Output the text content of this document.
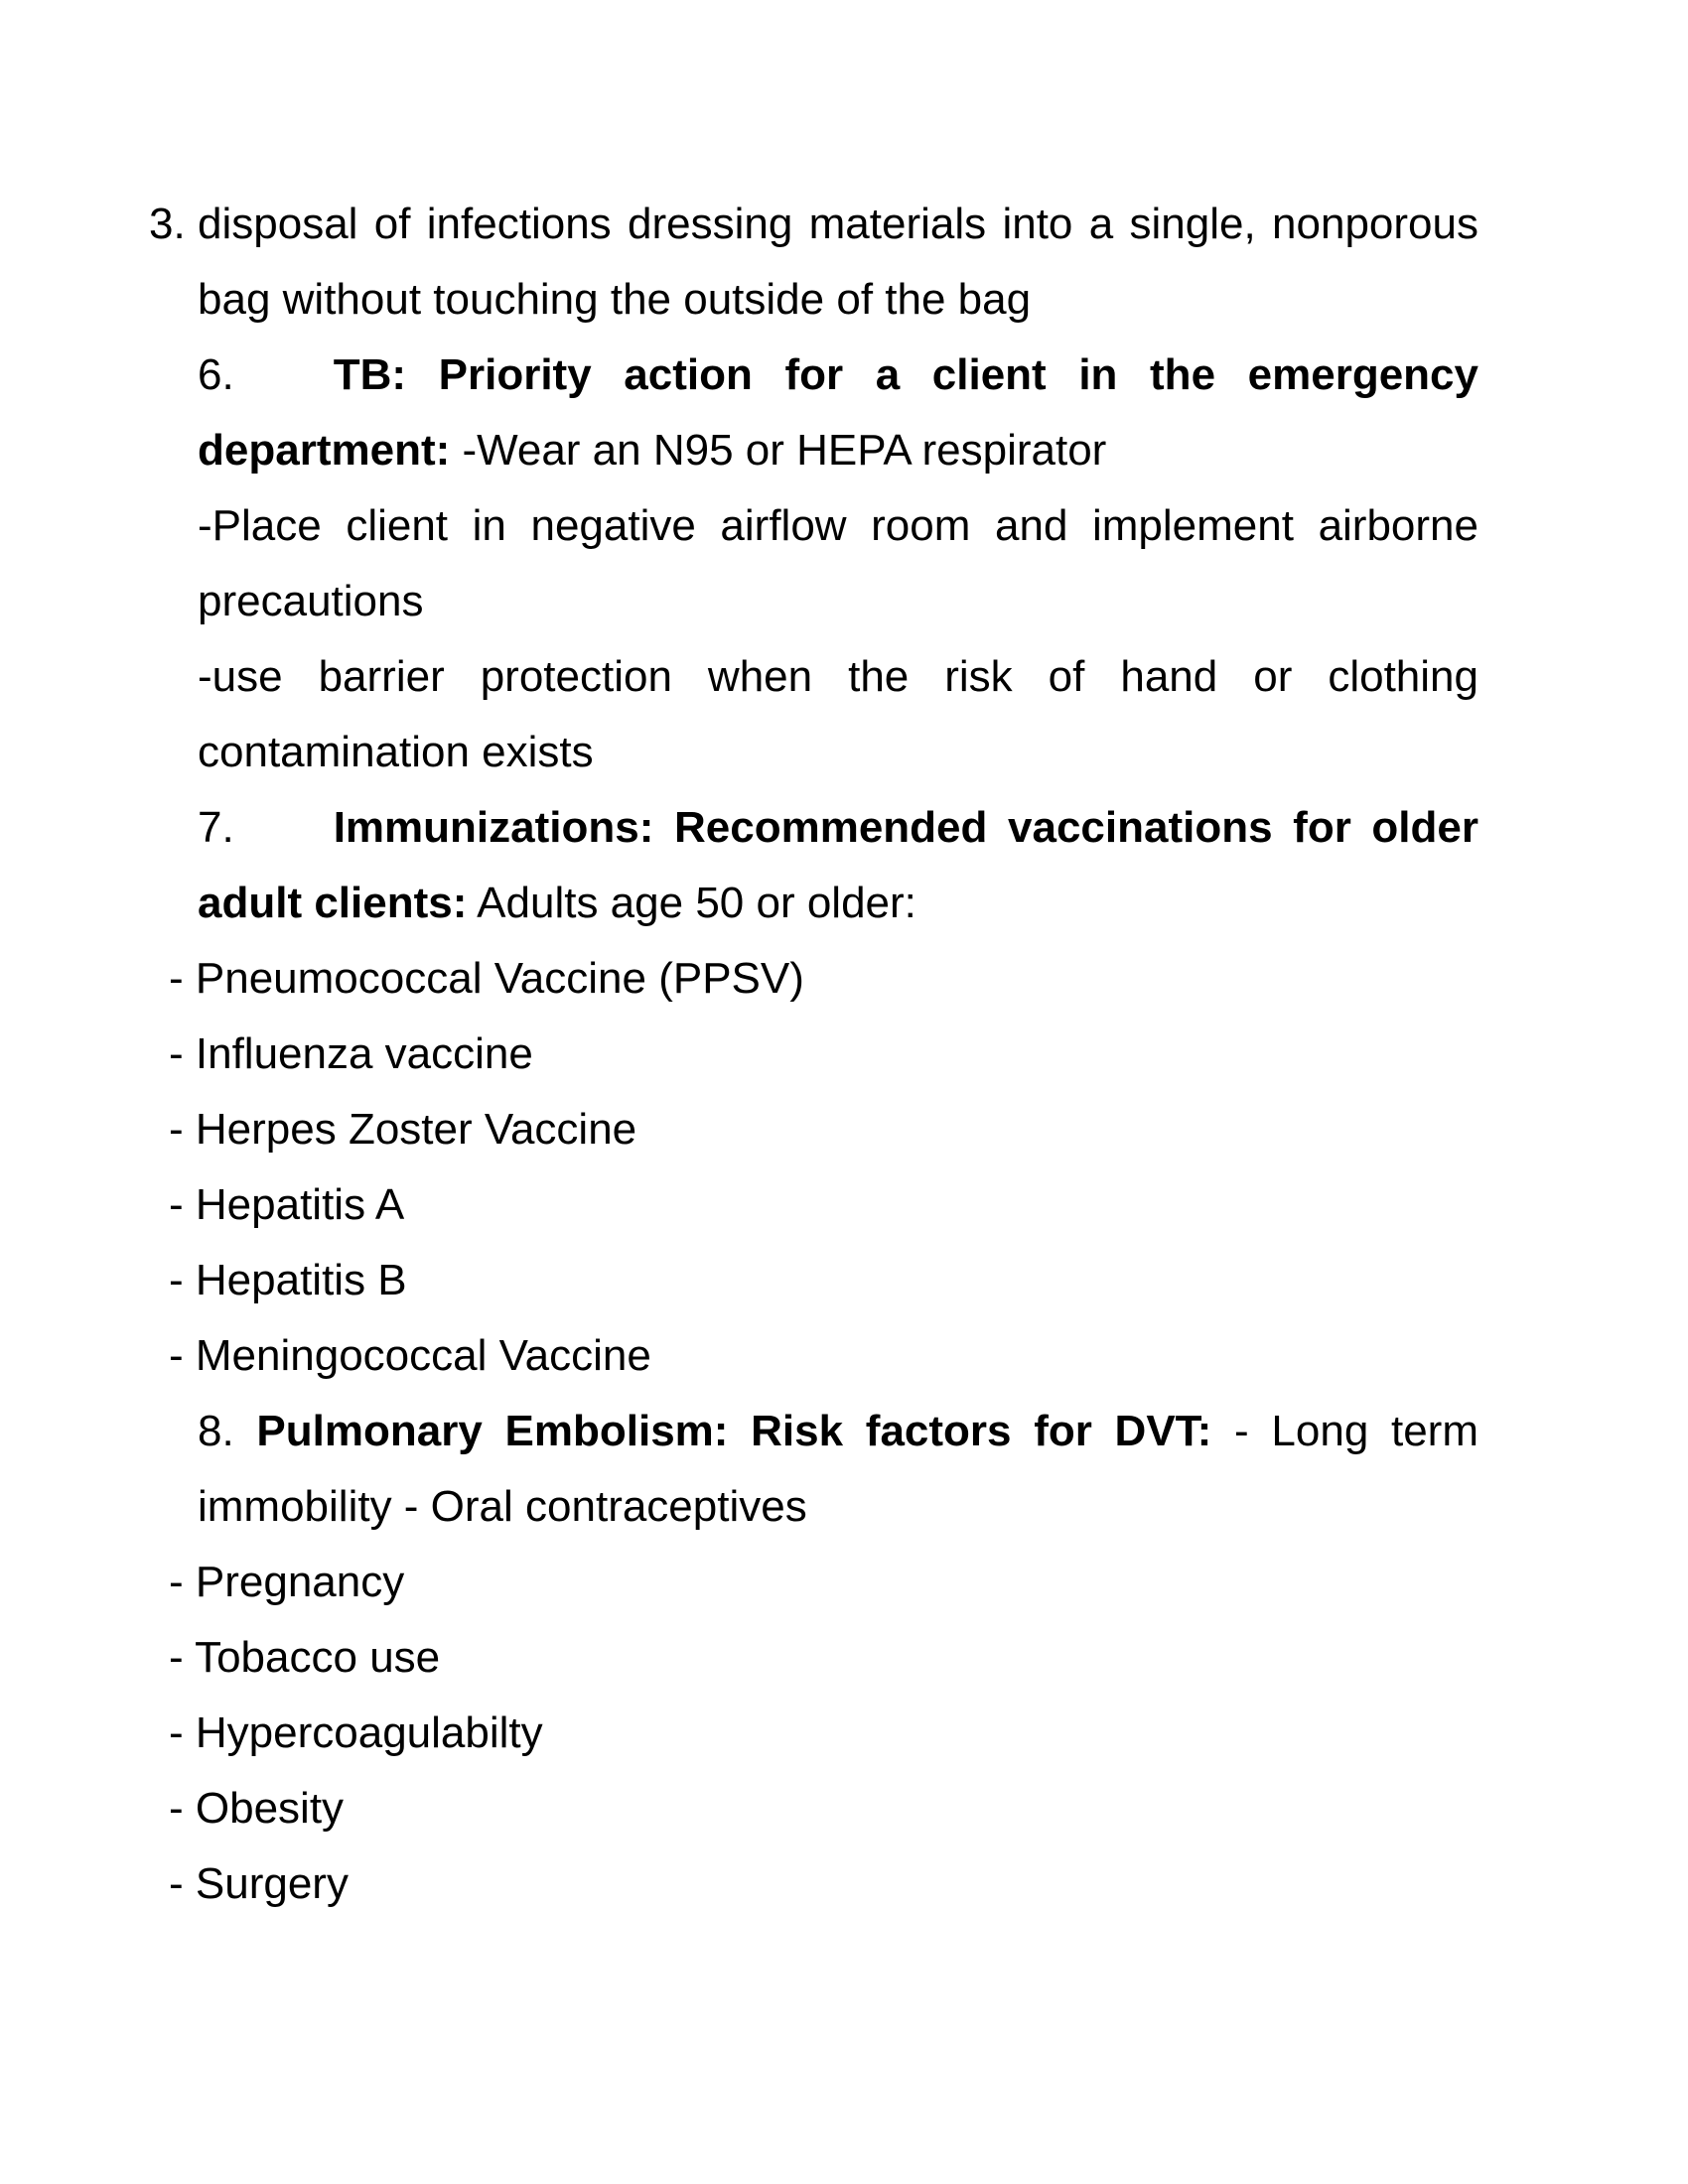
3. disposal of infections dressing materials into a single, nonporous
bag without touching the outside of the bag
6. TB: Priority action for a client in the emergency
department: -Wear an N95 or HEPA respirator
-Place client in negative airflow room and implement airborne
precautions
-use barrier protection when the risk of hand or clothing
contamination exists
7. Immunizations: Recommended vaccinations for older
adult clients: Adults age 50 or older:
- Pneumococcal Vaccine (PPSV)
- Influenza vaccine
- Herpes Zoster Vaccine
- Hepatitis A
- Hepatitis B
- Meningococcal Vaccine
8. Pulmonary Embolism: Risk factors for DVT: - Long term
immobility - Oral contraceptives
- Pregnancy
- Tobacco use
- Hypercoagulabilty
- Obesity
- Surgery
